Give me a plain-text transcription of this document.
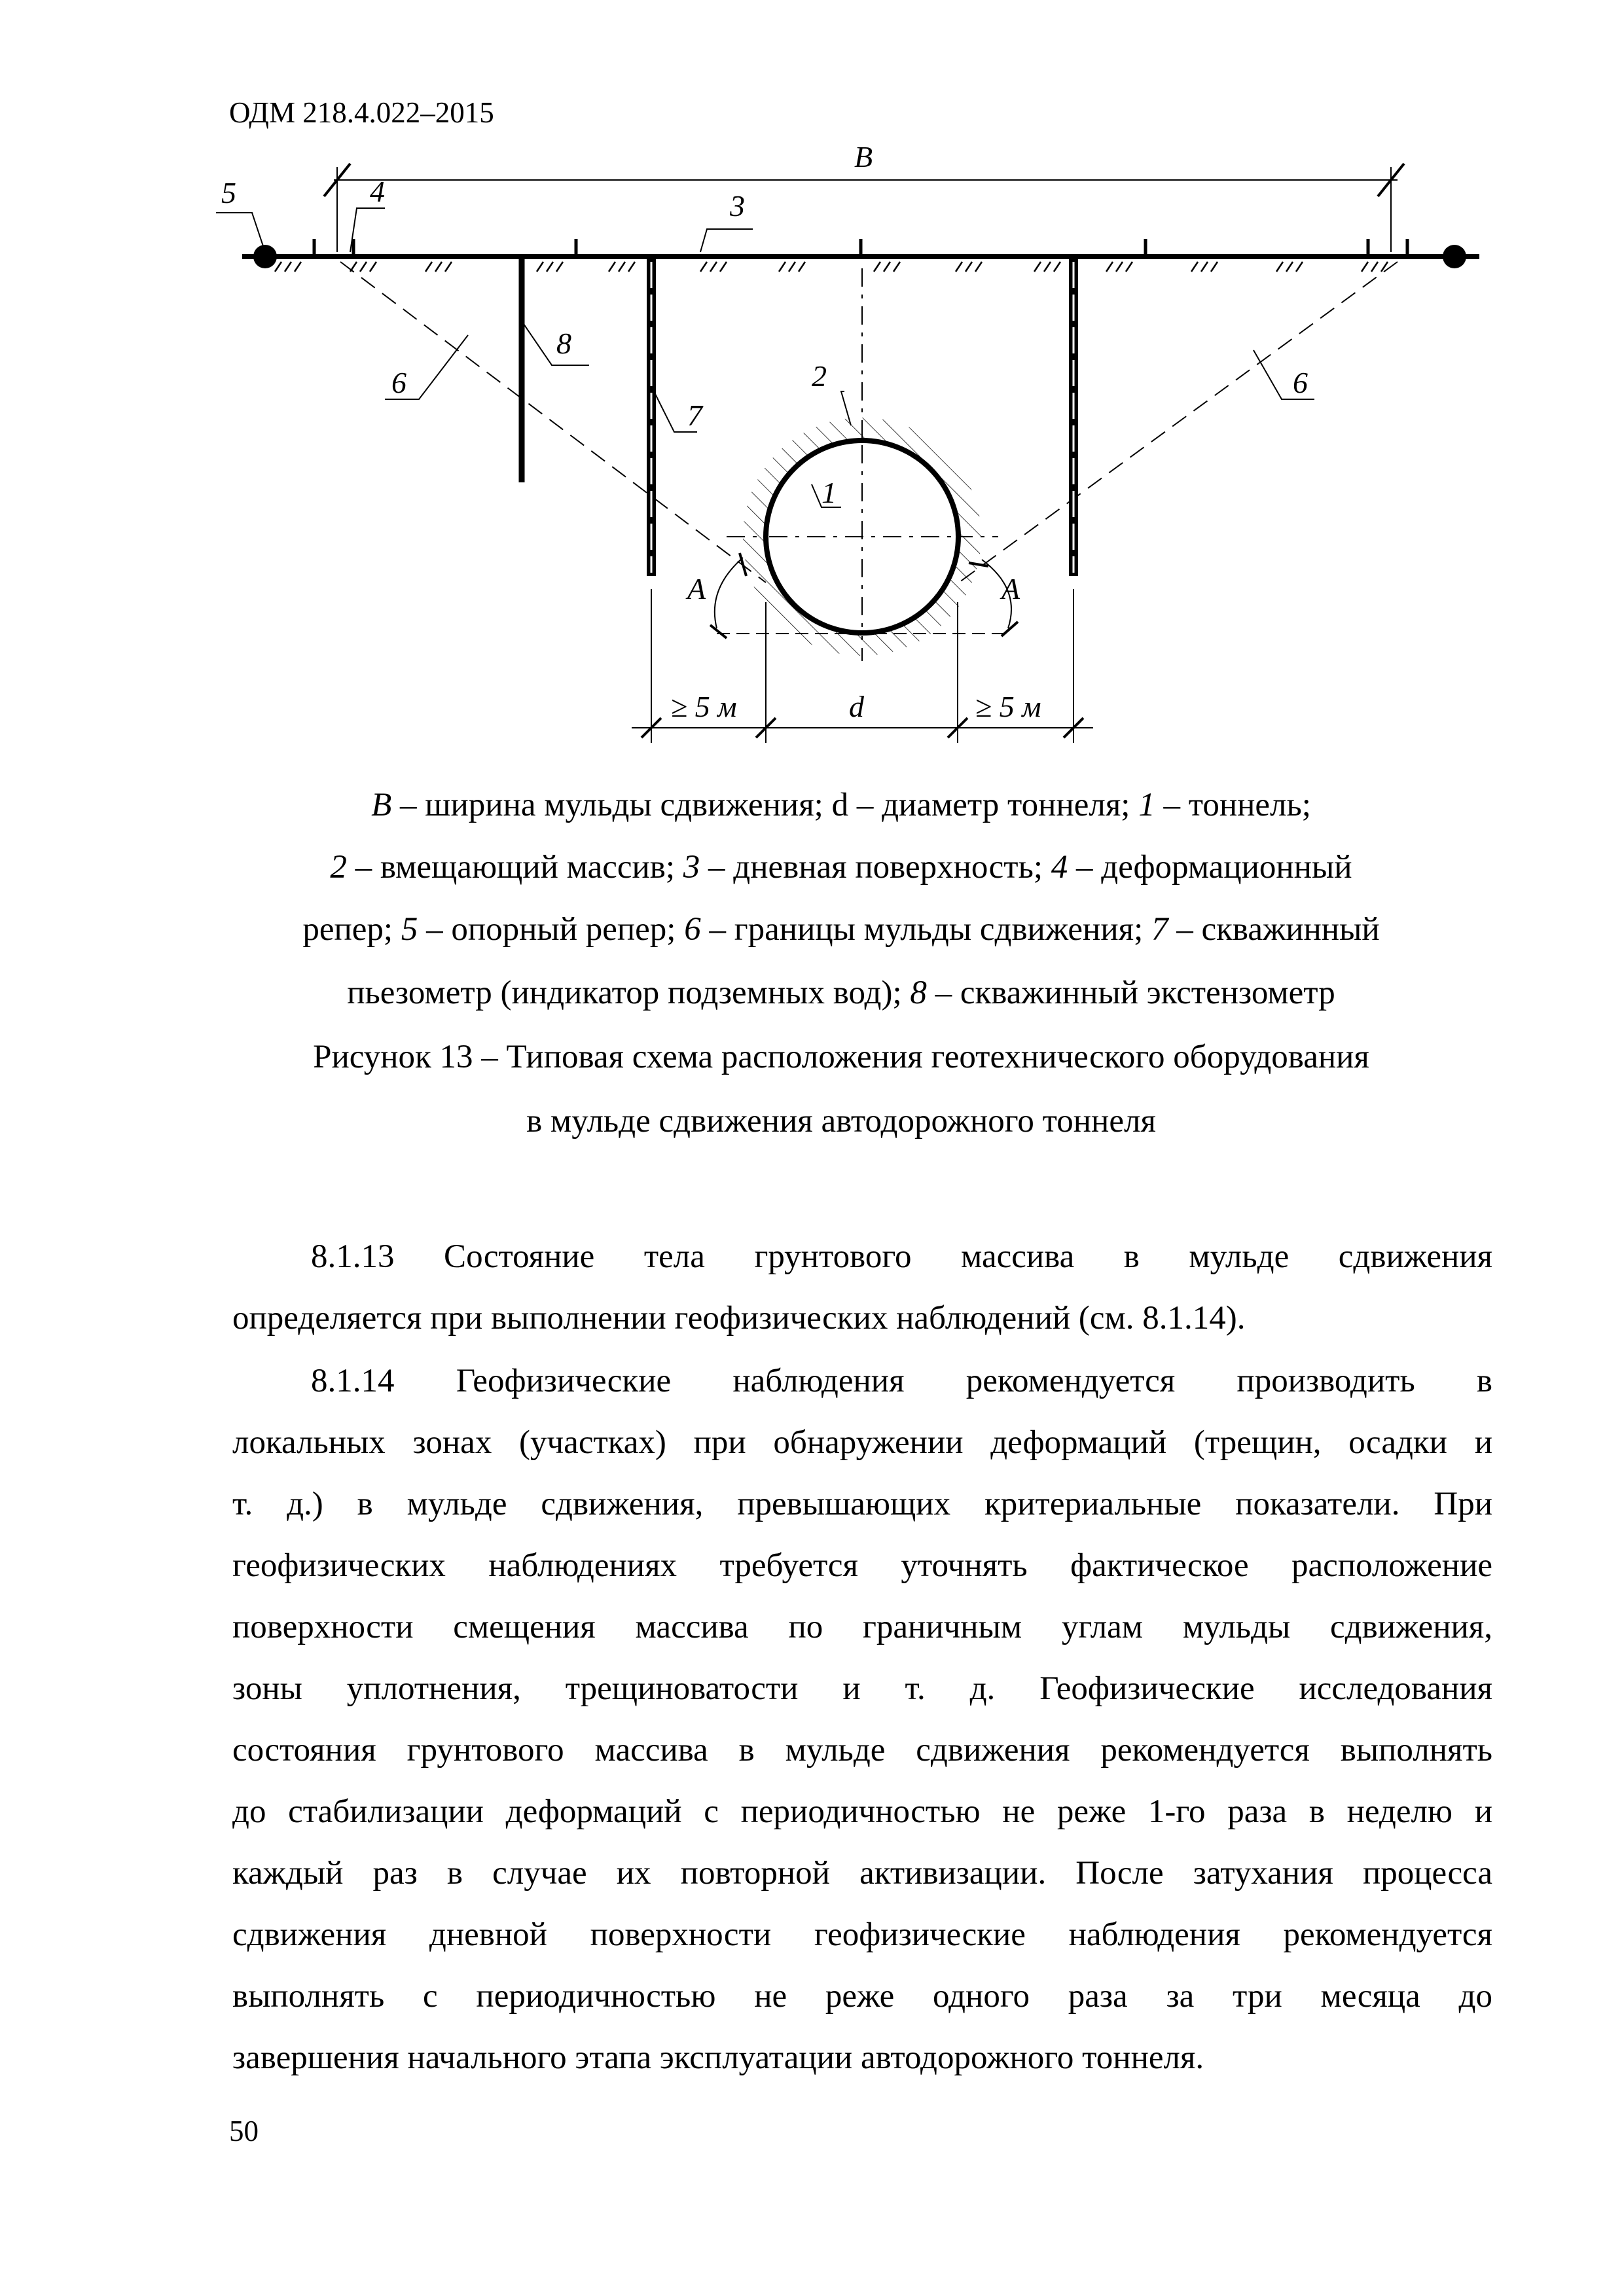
ОДМ 218.4.022–2015
B
5	4	3
8
6	6
2
7
1
A	A
≥ 5 м	d	≥ 5 м
B – ширина мульды сдвижения; d – диаметр тоннеля; 1 – тоннель;
2 – вмещающий массив; 3 – дневная поверхность; 4 – деформационный
репер; 5 – опорный репер; 6 – границы мульды сдвижения; 7 – скважинный
пьезометр (индикатор подземных вод); 8 – скважинный экстензометр
Рисунок 13 – Типовая схема расположения геотехнического оборудования
в мульде сдвижения автодорожного тоннеля
8.1.13 Состояние тела грунтового массива в мульде сдвижения
определяется при выполнении геофизических наблюдений (см. 8.1.14).
8.1.14 Геофизические наблюдения рекомендуется производить в
локальных зонах (участках) при обнаружении деформаций (трещин, осадки и
т. д.) в мульде сдвижения, превышающих критериальные показатели. При
геофизических наблюдениях требуется уточнять фактическое расположение
поверхности смещения массива по граничным углам мульды сдвижения,
зоны уплотнения, трещиноватости и т. д. Геофизические исследования
состояния грунтового массива в мульде сдвижения рекомендуется выполнять
до стабилизации деформаций с периодичностью не реже 1-го раза в неделю и
каждый раз в случае их повторной активизации. После затухания процесса
сдвижения дневной поверхности геофизические наблюдения рекомендуется
выполнять с периодичностью не реже одного раза за три месяца до
завершения начального этапа эксплуатации автодорожного тоннеля.
50
